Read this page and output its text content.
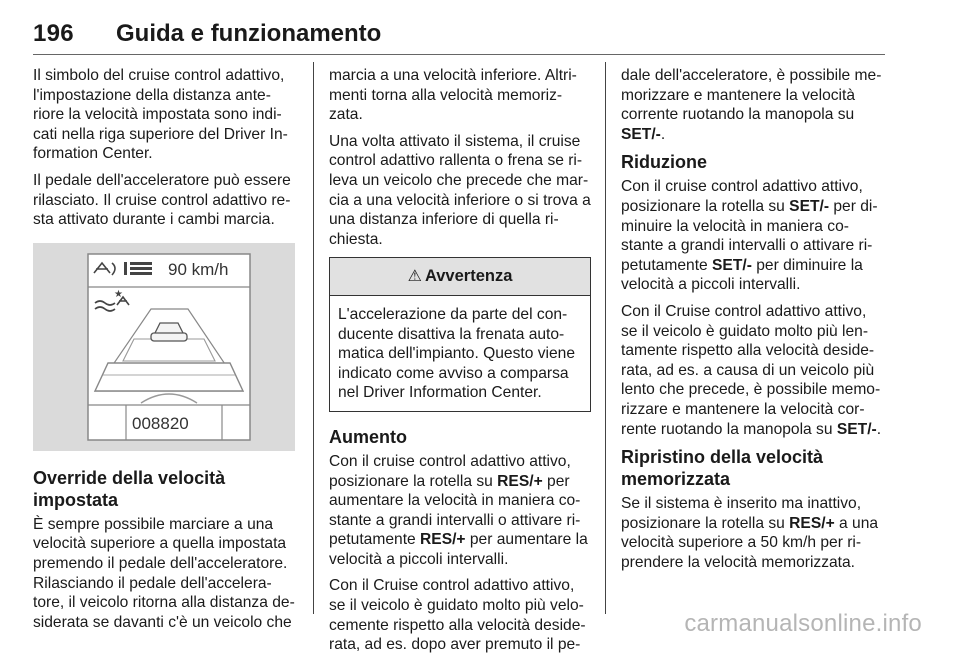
196 Guida e funzionamento

Il simbolo del cruise control adattivo, l'impostazione della distanza ante-riore la velocità impostata sono indi-cati nella riga superiore del Driver In-formation Center.

Il pedale dell'acceleratore può essere rilasciato. Il cruise control adattivo re-sta attivato durante i cambi marcia.

90 km/h
★
008820
Override della velocità impostata

È sempre possibile marciare a una velocità superiore a quella impostata premendo il pedale dell'acceleratore. Rilasciando il pedale dell'accelera-tore, il veicolo ritorna alla distanza de-siderata se davanti c'è un veicolo che

marcia a una velocità inferiore. Altri-menti torna alla velocità memoriz-zata.

Una volta attivato il sistema, il cruise control adattivo rallenta o frena se ri-leva un veicolo che precede che mar-cia a una velocità inferiore o si trova a una distanza inferiore di quella ri-chiesta.

⚠ Avvertenza
L'accelerazione da parte del con-ducente disattiva la frenata auto-matica dell'impianto. Questo viene indicato come avviso a comparsa nel Driver Information Center.
Aumento

Con il cruise control adattivo attivo, posizionare la rotella su RES/+ per aumentare la velocità in maniera co-stante a grandi intervalli o attivare ri-petutamente RES/+ per aumentare la velocità a piccoli intervalli.

Con il Cruise control adattivo attivo, se il veicolo è guidato molto più velo-cemente rispetto alla velocità deside-rata, ad es. dopo aver premuto il pe-

dale dell'acceleratore, è possibile me-morizzare e mantenere la velocità corrente ruotando la manopola su SET/-.

Riduzione

Con il cruise control adattivo attivo, posizionare la rotella su SET/- per di-minuire la velocità in maniera co-stante a grandi intervalli o attivare ri-petutamente SET/- per diminuire la velocità a piccoli intervalli.

Con il Cruise control adattivo attivo, se il veicolo è guidato molto più len-tamente rispetto alla velocità deside-rata, ad es. a causa di un veicolo più lento che precede, è possibile memo-rizzare e mantenere la velocità cor-rente ruotando la manopola su SET/-.

Ripristino della velocità memorizzata

Se il sistema è inserito ma inattivo, posizionare la rotella su RES/+ a una velocità superiore a 50 km/h per ri-prendere la velocità memorizzata.

carmanualsonline.info
